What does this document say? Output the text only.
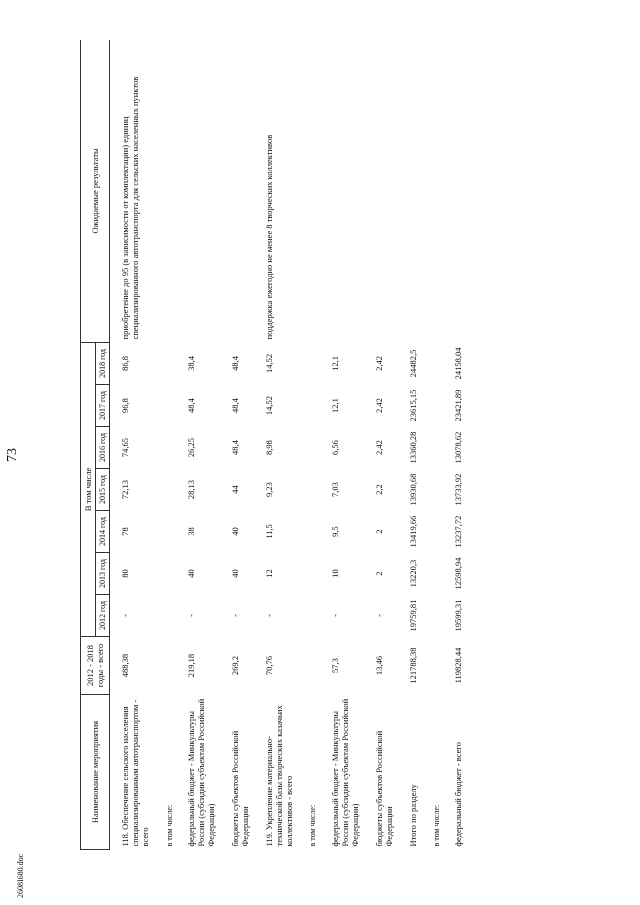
73
Наименование мероприятия	2012 - 2018 годы - всего	В том числе							Ожидаемые результаты
		2012 год	2013 год	2014 год	2015 год	2016 год	2017 год	2018 год	
118. Обеспечение сельского населения специализированным автотранспортом - всего	488,38	-	80	78	72,13	74,65	96,8	86,8	приобретение до 95 (в зависимости от комплектации) единиц специализированного автотранспорта для сельских населенных пунктов
в том числе:									
федеральный бюджет - Минкультуры России (субсидии субъектам Российской Федерации)	219,18	-	40	38	28,13	26,25	48,4	38,4	
бюджеты субъектов Российской Федерации	269,2	-	40	40	44	48,4	48,4	48,4	
119. Укрепление материально-технической базы творческих казачьих коллективов - всего	70,76	-	12	11,5	9,23	8,98	14,52	14,52	поддержка ежегодно не менее 8 творческих коллективов
в том числе:									
федеральный бюджет - Минкультуры России (субсидии субъектам Российской Федерации)	57,3	-	10	9,5	7,03	6,56	12,1	12,1	
бюджеты субъектов Российской Федерации	13,46	-	2	2	2,2	2,42	2,42	2,42	
Итого по разделу	121788,38	19759,81	13220,3	13419,66	13930,68	13360,28	23615,15	24482,5	
в том числе:									
федеральный бюджет - всего	119828,44	19599,31	12598,94	13237,72	13733,92	13078,62	23421,89	24158,04	
2608I680.doc
